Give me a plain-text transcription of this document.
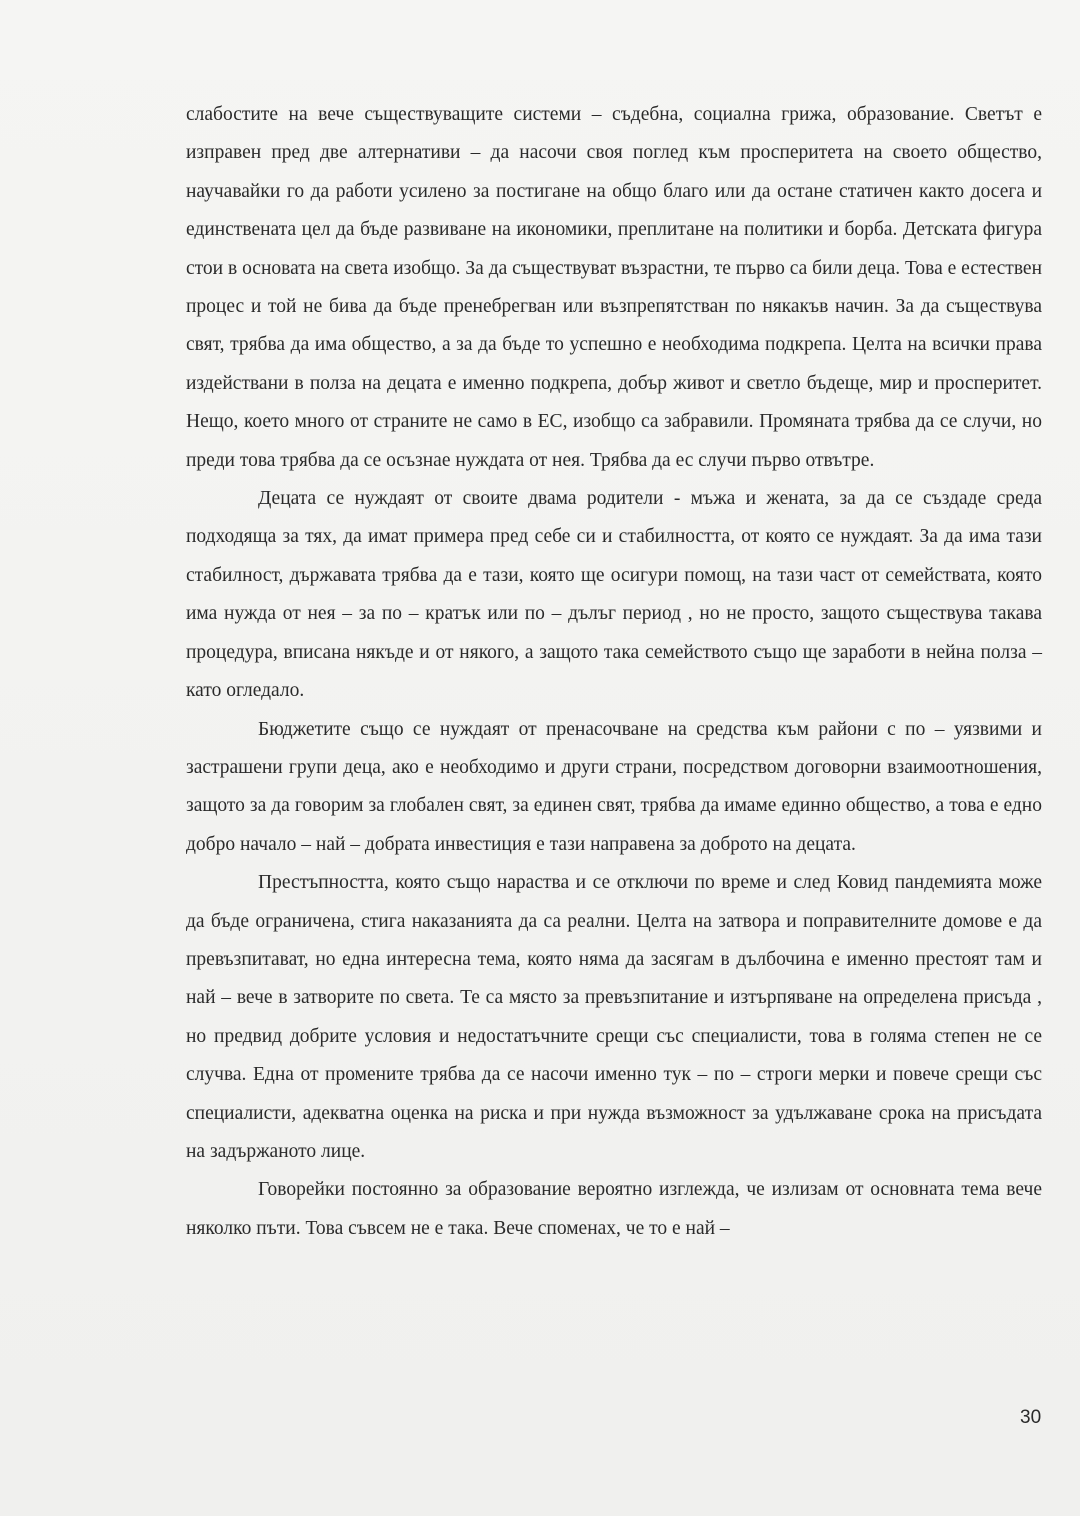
слабостите на вече съществуващите системи – съдебна, социална грижа, образование. Светът е изправен пред две алтернативи – да насочи своя поглед към просперитета на своето общество, научавайки го да работи усилено за постигане на общо благо или да остане статичен както досега и единствената цел да бъде развиване на икономики, преплитане на политики и борба. Детската фигура стои в основата на света изобщо. За да съществуват възрастни, те първо са били деца. Това е естествен процес и той не бива да бъде пренебрегван или възпрепятстван по някакъв начин. За да съществува свят, трябва да има общество, а за да бъде то успешно е необходима подкрепа. Целта на всички права издействани в полза на децата е именно подкрепа, добър живот и светло бъдеще, мир и просперитет. Нещо, което много от страните не само в ЕС, изобщо са забравили. Промяната трябва да се случи, но преди това трябва да се осъзнае нуждата от нея. Трябва да ес случи първо отвътре.

Децата се нуждаят от своите двама родители - мъжа и жената, за да се създаде среда подходяща за тях, да имат примера пред себе си и стабилността, от която се нуждаят. За да има тази стабилност, държавата трябва да е тази, която ще осигури помощ, на тази част от семействата, която има нужда от нея – за по – кратък или по – дълъг период , но не просто, защото съществува такава процедура, вписана някъде и от някого, а защото така семейството също ще заработи в нейна полза – като огледало.

Бюджетите също се нуждаят от пренасочване на средства към райони с по – уязвими и застрашени групи деца, ако е необходимо и други страни, посредством договорни взаимоотношения, защото за да говорим за глобален свят, за единен свят, трябва да имаме единно общество, а това е едно добро начало – най – добрата инвестиция е тази направена за доброто на децата.

Престъпността, която също нараства и се отключи по време и след Ковид пандемията може да бъде ограничена, стига наказанията да са реални. Целта на затвора и поправителните домове е да превъзпитават, но една интересна тема, която няма да засягам в дълбочина е именно престоят там и най – вече в затворите по света. Те са място за превъзпитание и изтърпяване на определена присъда , но предвид добрите условия и недостатъчните срещи със специалисти, това в голяма степен не се случва. Една от промените трябва да се насочи именно тук – по – строги мерки и повече срещи със специалисти, адекватна оценка на риска и при нужда възможност за удължаване срока на присъдата на задържаното лице.

Говорейки постоянно за образование вероятно изглежда, че излизам от основната тема вече няколко пъти. Това съвсем не е така. Вече споменах, че то е най –

30
